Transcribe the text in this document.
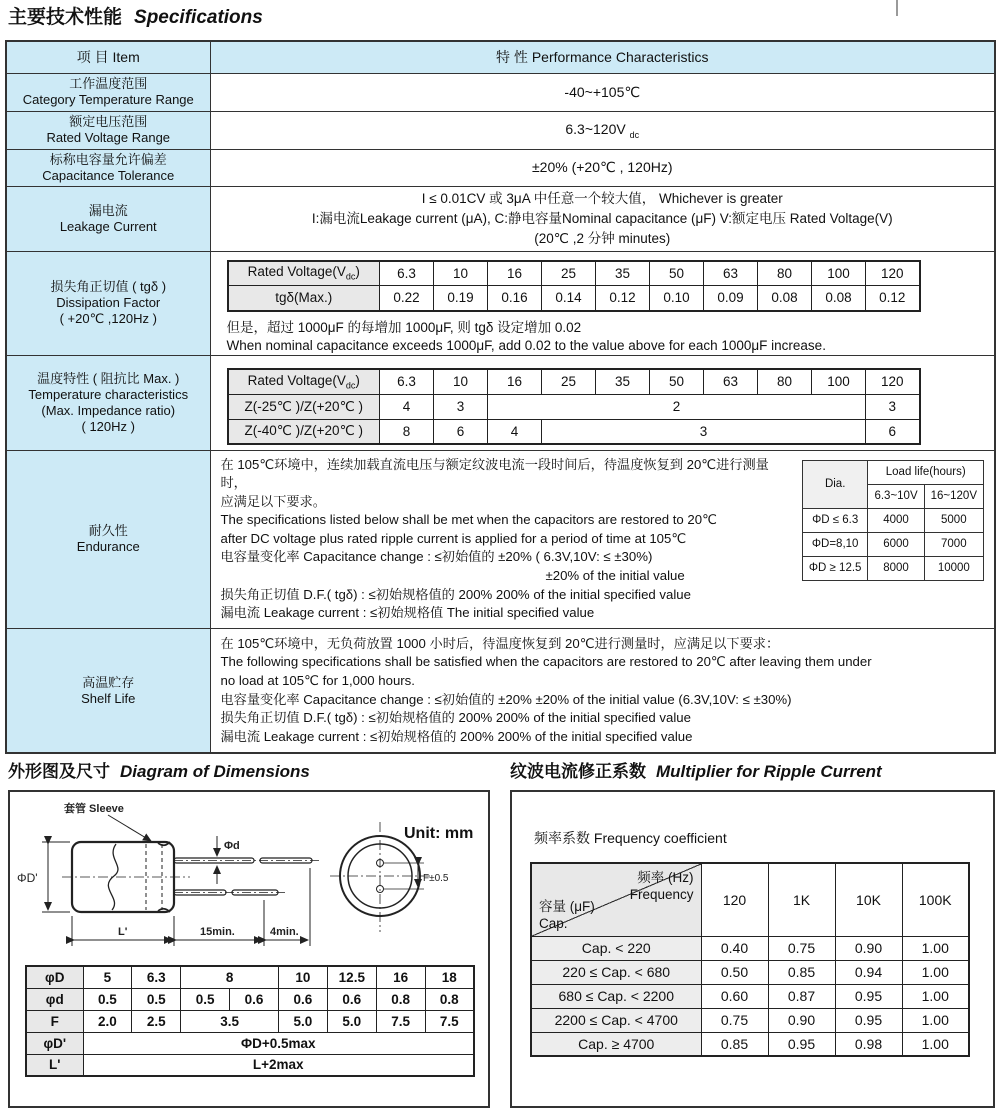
主要技术性能 Specifications
项 目 Item	特 性 Performance Characteristics

工作温度范围
Category Temperature Range	-40~+105℃

额定电压范围
Rated Voltage Range
	6.3~120V $_{dc}$

标称电容量允许偏差
Capacitance Tolerance	±20% (+20℃ , 120Hz)

漏电流
Leakage Current

I ≤ 0.01CV 或 3μA 中任意一个较大值， Whichever is greater
I:漏电流Leakage current (μA), C:静电容量Nominal capacitance (μF) V:额定电压 Rated Voltage(V)
(20℃ ,2 分钟 minutes)

损失角正切值 ( tgδ )
Dissipation Factor
( +20℃ ,120Hz )

Rated $Voltage(V_{dc})$	6.3	10	16	25	35	50	63	80	100	120
tgδ(Max.)	0.22	0.19	0.16	0.14	0.12	0.10	0.09	0.08	0.08	0.12
但是，超过 1000μF 的每增加 1000μF, 则 tgδ 设定增加 0.02
When nominal capacitance exceeds 1000μF, add 0.02 to the value above for each 1000μF increase.

温度特性 ( 阻抗比 Max. )
Temperature characteristics
(Max. Impedance ratio)
( 120Hz )

Rated $Voltage(V_{dc})$	6.3	10	16	25	35	50	63	80	100	120
Z(-25℃ )/Z(+20℃ )	4	3	2	3
Z(-40℃ )/Z(+20℃ )	8	6	4	3	6

耐久性
Endurance

Dia.	Load life(hours)
6.3~10V	16~120V
ΦD ≤ 6.3	4000	5000
ΦD=8,10	6000	7000
ΦD ≥ 12.5	8000	10000
在 105℃环境中，连续加载直流电压与额定纹波电流一段时间后，待温度恢复到 20℃进行测量时，
应满足以下要求。
The specifications listed below shall be met when the capacitors are restored to 20℃
after DC voltage plus rated ripple current is applied for a period of time at 105℃
电容量变化率 Capacitance change : ≤初始值的 ±20% ( 6.3V,10V: ≤ ±30%)
±20% of the initial value
损失角正切值 D.F.( tgδ) : ≤初始规格值的 200% 200% of the initial specified value
漏电流 Leakage current : ≤初始规格值 The initial specified value

高温贮存
Shelf Life

在 105℃环境中，无负荷放置 1000 小时后，待温度恢复到 20℃进行测量时，应满足以下要求：
The following specifications shall be satisfied when the capacitors are restored to 20℃ after leaving them under
no load at 105℃ for 1,000 hours.
电容量变化率 Capacitance change : ≤初始值的 ±20% ±20% of the initial value (6.3V,10V: ≤ ±30%)
损失角正切值 D.F.( tgδ) : ≤初始规格值的 200% 200% of the initial specified value
漏电流 Leakage current : ≤初始规格值的 200% 200% of the initial specified value
外形图及尺寸 Diagram of Dimensions	纹波电流修正系数 Multiplier for Ripple Current
套管 Sleeve
ΦD'
Φd
L'	15min.	4min.
F±0.5
Unit: mm
φD	5	6.3	8		10	12.5	16	18
φd	0.5	0.5	0.5	0.6	0.6	0.6	0.8	0.8
F	2.0	2.5	3.5		5.0	5.0	7.5	7.5
φD'	ΦD+0.5max							
L'	L+2max							
频率系数 Frequency coefficient
频率 (Hz)
Frequency
容量 (μF)
Cap.	120	1K	10K	100K
Cap. < 220	0.40	0.75	0.90	1.00
220 ≤ Cap. < 680	0.50	0.85	0.94	1.00
680 ≤ Cap. < 2200	0.60	0.87	0.95	1.00
2200 ≤ Cap. < 4700	0.75	0.90	0.95	1.00
Cap. ≥ 4700	0.85	0.95	0.98	1.00
